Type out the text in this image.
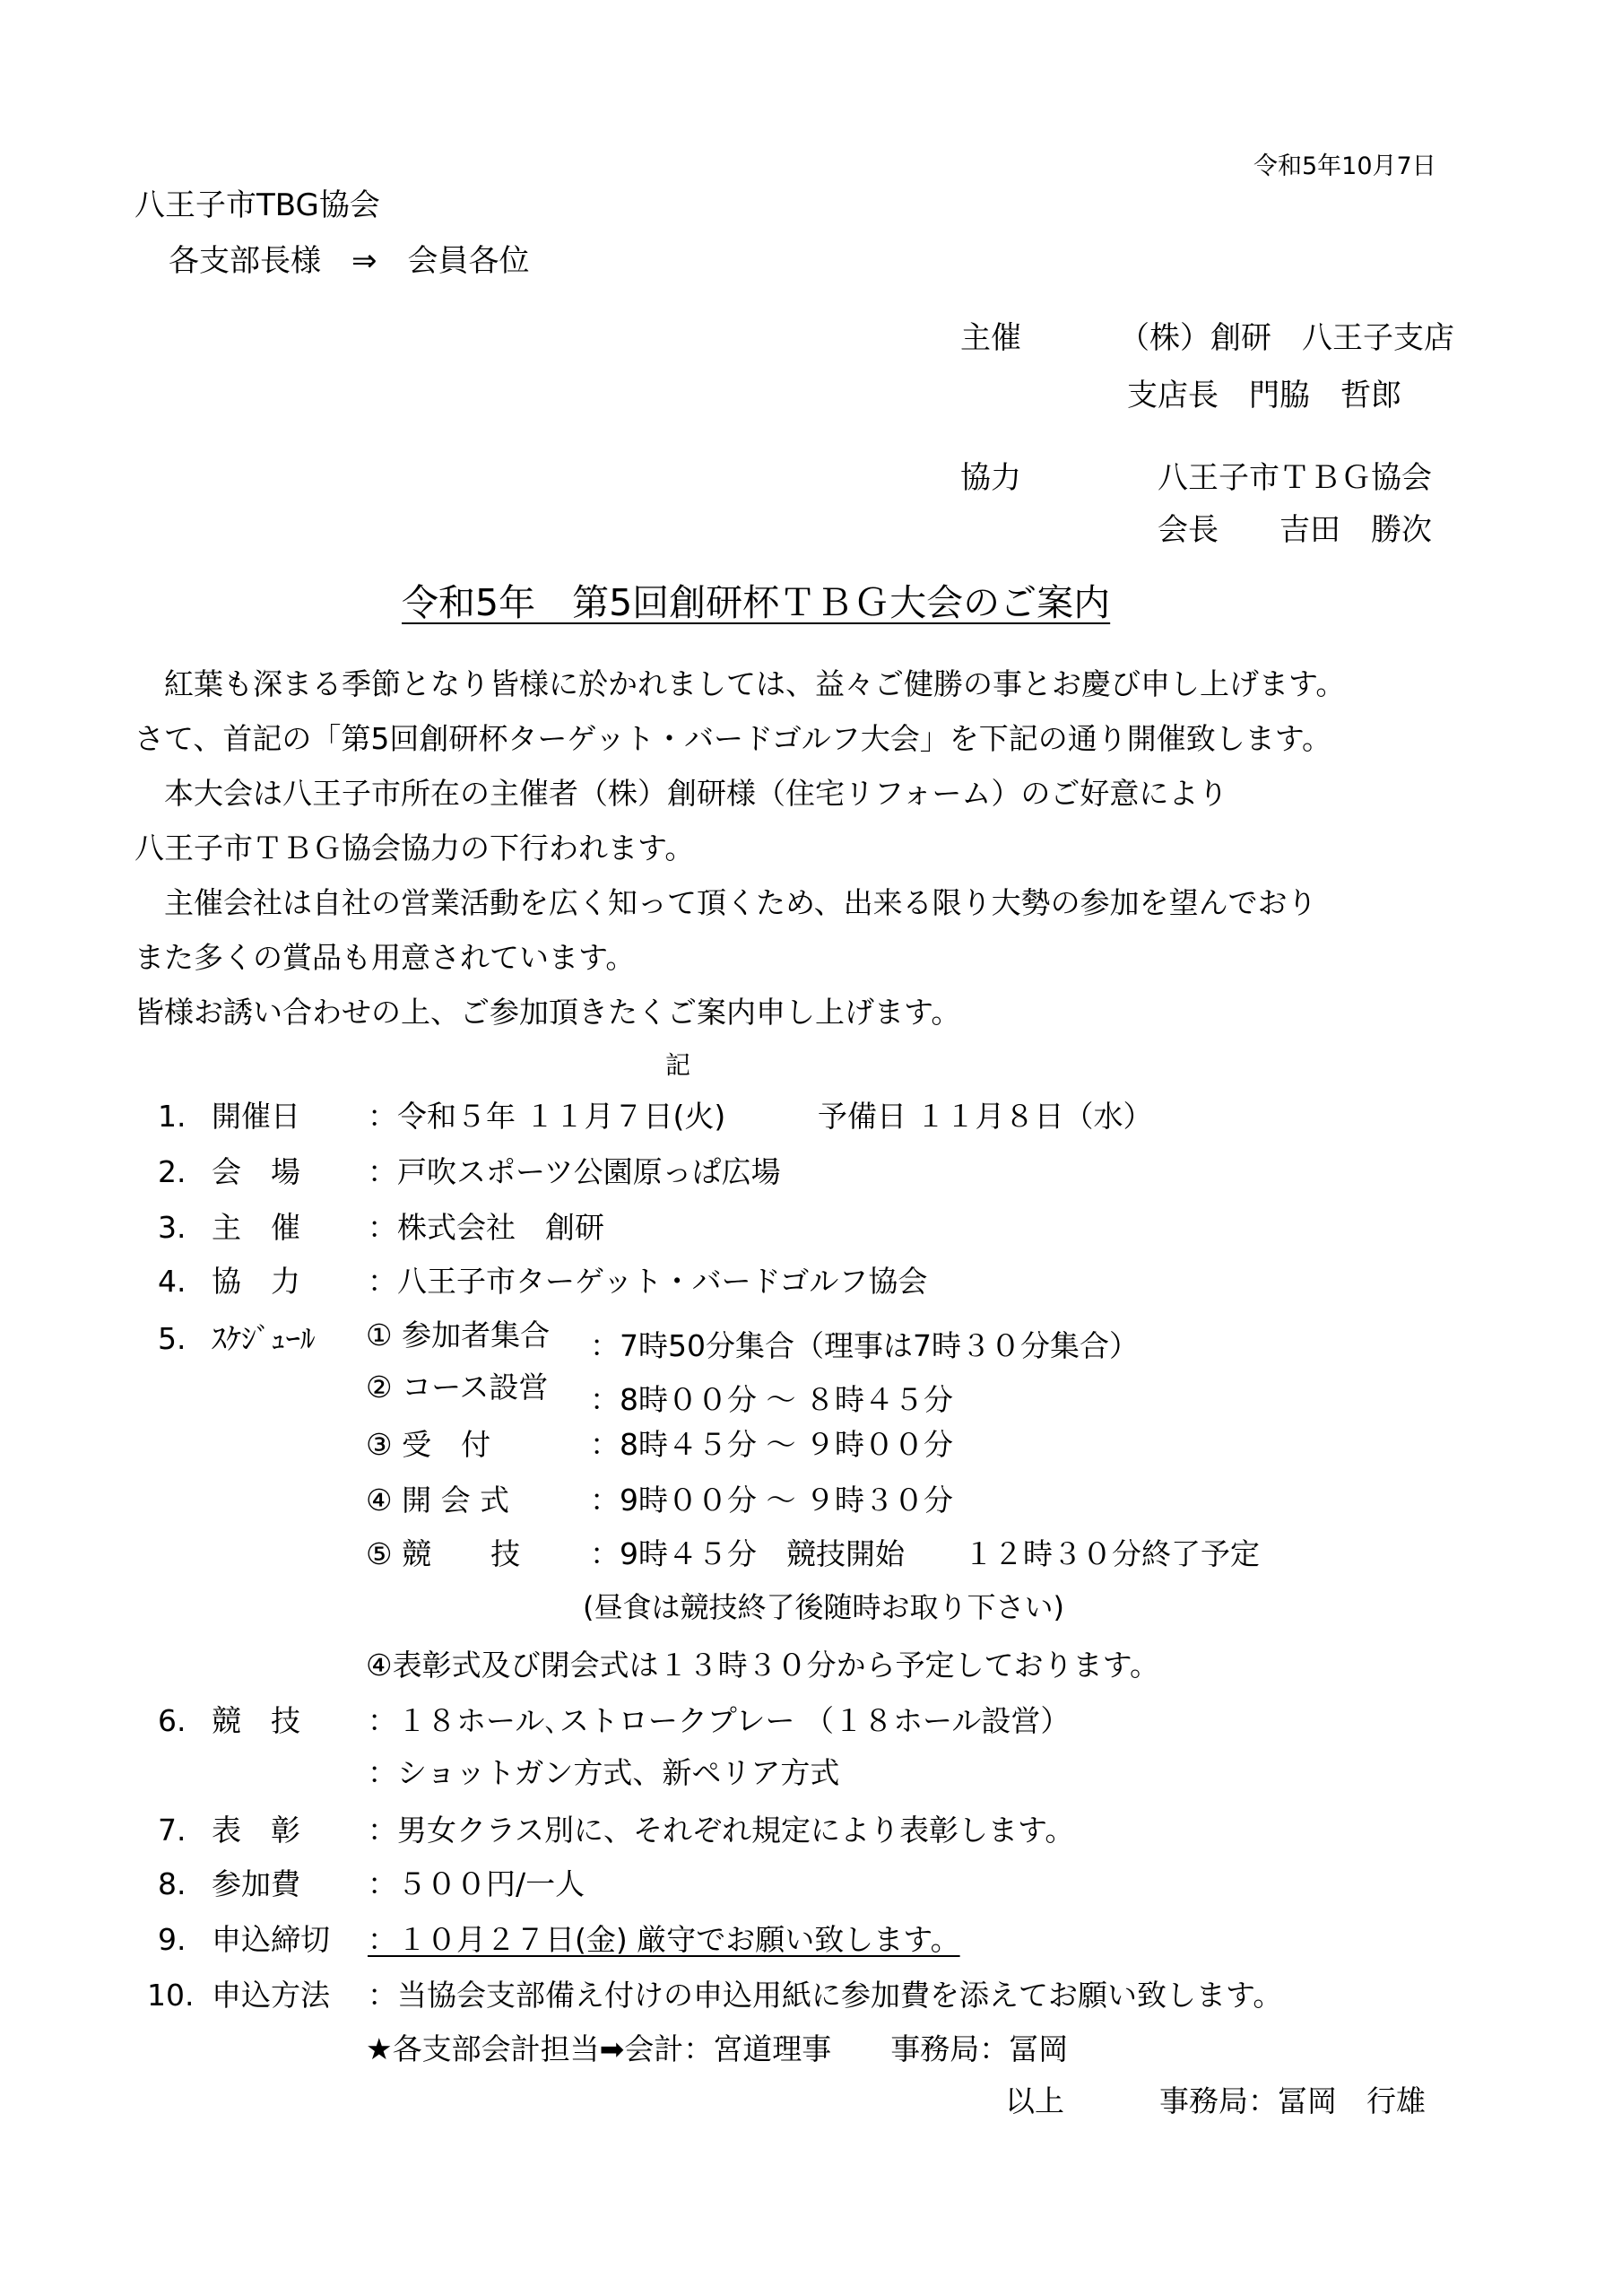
令和5年10月7日
八王子市TBG協会
各支部長様　⇒　会員各位
主催	（株）創研　八王子支店
支店長　門脇　哲郎
協力	八王子市ＴＢＧ協会
会長　　吉田　勝次
令和5年　第5回創研杯ＴＢＧ大会のご案内
　紅葉も深まる季節となり皆様に於かれましては、益々ご健勝の事とお慶び申し上げます。
さて、首記の「第5回創研杯ターゲット・バードゴルフ大会」を下記の通り開催致します。
　本大会は八王子市所在の主催者（株）創研様（住宅リフォーム）のご好意により
八王子市ＴＢＧ協会協力の下行われます。
　主催会社は自社の営業活動を広く知って頂くため、出来る限り大勢の参加を望んでおり
また多くの賞品も用意されています。
皆様お誘い合わせの上、ご参加頂きたくご案内申し上げます。
記
1. 開催日 ：令和５年 １１月７日(火)	予備日 １１月８日（水）
2. 会　場 ：戸吹スポーツ公園原っぱ広場
3. 主　催 ：株式会社　創研
4. 協　力 ：八王子市ターゲット・バードゴルフ協会
5. ｽｹｼﾞｭｰﾙ ① 参加者集合 ：7時50分集合（理事は7時３０分集合）
② コース設営 ：8時００分 ～ ８時４５分
③ 受　付	：8時４５分 ～ ９時００分
④ 開 会 式	：9時００分 ～ ９時３０分
⑤ 競　　技 ：9時４５分　競技開始　　１２時３０分終了予定
(昼食は競技終了後随時お取り下さい)
④表彰式及び閉会式は１３時３０分から予定しております。
6. 競　技 ：１８ホール､ストロークプレー （１８ホール設営）
：ショットガン方式、新ペリア方式
7. 表　彰 ：男女クラス別に、それぞれ規定により表彰します。
8. 参加費 ：５００円/一人
9. 申込締切 ：１０月２７日(金) 厳守でお願い致します。
10. 申込方法 ：当協会支部備え付けの申込用紙に参加費を添えてお願い致します。
★各支部会計担当➡会計：宮道理事　　事務局：冨岡
以上	事務局：冨岡　行雄
